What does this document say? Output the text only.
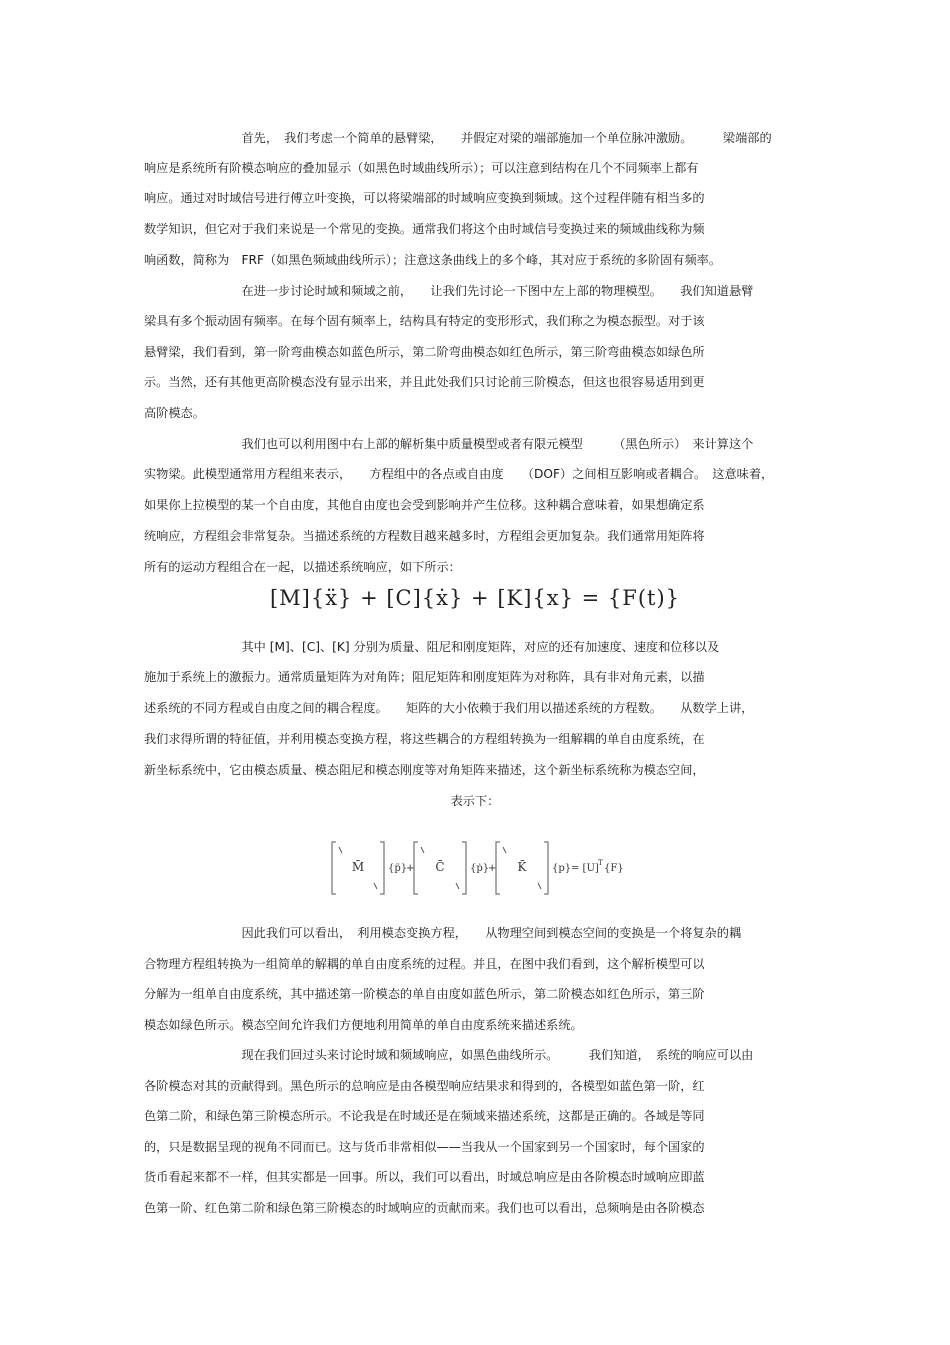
　　　　　　　　首先，　我们考虑一个简单的悬臂梁，　　并假定对梁的端部施加一个单位脉冲激励。　　　梁端部的
响应是系统所有阶模态响应的叠加显示（如黑色时域曲线所示）；可以注意到结构在几个不同频率上都有
响应。通过对时域信号进行傅立叶变换，可以将梁端部的时域响应变换到频域。这个过程伴随有相当多的
数学知识，但它对于我们来说是一个常见的变换。通常我们将这个由时域信号变换过来的频域曲线称为频
响函数，简称为　FRF（如黑色频域曲线所示）；注意这条曲线上的多个峰，其对应于系统的多阶固有频率。
　　　　　　　　在进一步讨论时域和频域之前，　　让我们先讨论一下图中左上部的物理模型。　　我们知道悬臂
梁具有多个振动固有频率。在每个固有频率上，结构具有特定的变形形式，我们称之为模态振型。对于该
悬臂梁，我们看到，第一阶弯曲模态如蓝色所示，第二阶弯曲模态如红色所示，第三阶弯曲模态如绿色所
示。当然，还有其他更高阶模态没有显示出来，并且此处我们只讨论前三阶模态，但这也很容易适用到更
高阶模态。
　　　　　　　　我们也可以利用图中右上部的解析集中质量模型或者有限元模型　　　（黑色所示）　来计算这个
实物梁。此模型通常用方程组来表示，　　方程组中的各点或自由度　　（DOF）之间相互影响或者耦合。　这意味着，
如果你上拉模型的某一个自由度，其他自由度也会受到影响并产生位移。这种耦合意味着，如果想确定系
统响应，方程组会非常复杂。当描述系统的方程数目越来越多时，方程组会更加复杂。我们通常用矩阵将
所有的运动方程组合在一起，以描述系统响应，如下所示：
[M]{ẍ} + [C]{ẋ} + [K]{x} = {F(t)}
　　　　　　　　其中 [M]、[C]、[K] 分别为质量、阻尼和刚度矩阵，对应的还有加速度、速度和位移以及
施加于系统上的激振力。通常质量矩阵为对角阵；阻尼矩阵和刚度矩阵为对称阵，具有非对角元素，以描
述系统的不同方程或自由度之间的耦合程度。　　矩阵的大小依赖于我们用以描述系统的方程数。　　从数学上讲，
我们求得所谓的特征值，并利用模态变换方程，将这些耦合的方程组转换为一组解耦的单自由度系统，在
新坐标系统中，它由模态质量、模态阻尼和模态刚度等对角矩阵来描述，这个新坐标系统称为模态空间，
表示下：
M̄ {p̈}
+ C̄	{ṗ}
+ K̄	{p} = [U] T {F}
　　　　　　　　因此我们可以看出，　利用模态变换方程，　　从物理空间到模态空间的变换是一个将复杂的耦
合物理方程组转换为一组简单的解耦的单自由度系统的过程。并且，在图中我们看到，这个解析模型可以
分解为一组单自由度系统，其中描述第一阶模态的单自由度如蓝色所示，第二阶模态如红色所示，第三阶
模态如绿色所示。模态空间允许我们方便地利用简单的单自由度系统来描述系统。
　　　　　　　　现在我们回过头来讨论时域和频域响应，如黑色曲线所示。　　　我们知道，　系统的响应可以由
各阶模态对其的贡献得到。黑色所示的总响应是由各模型响应结果求和得到的，各模型如蓝色第一阶，红
色第二阶，和绿色第三阶模态所示。不论我是在时域还是在频域来描述系统，这都是正确的。各域是等同
的，只是数据呈现的视角不同而已。这与货币非常相似——当我从一个国家到另一个国家时，每个国家的
货币看起来都不一样，但其实都是一回事。所以，我们可以看出，时域总响应是由各阶模态时域响应即蓝
色第一阶、红色第二阶和绿色第三阶模态的时域响应的贡献而来。我们也可以看出，总频响是由各阶模态
